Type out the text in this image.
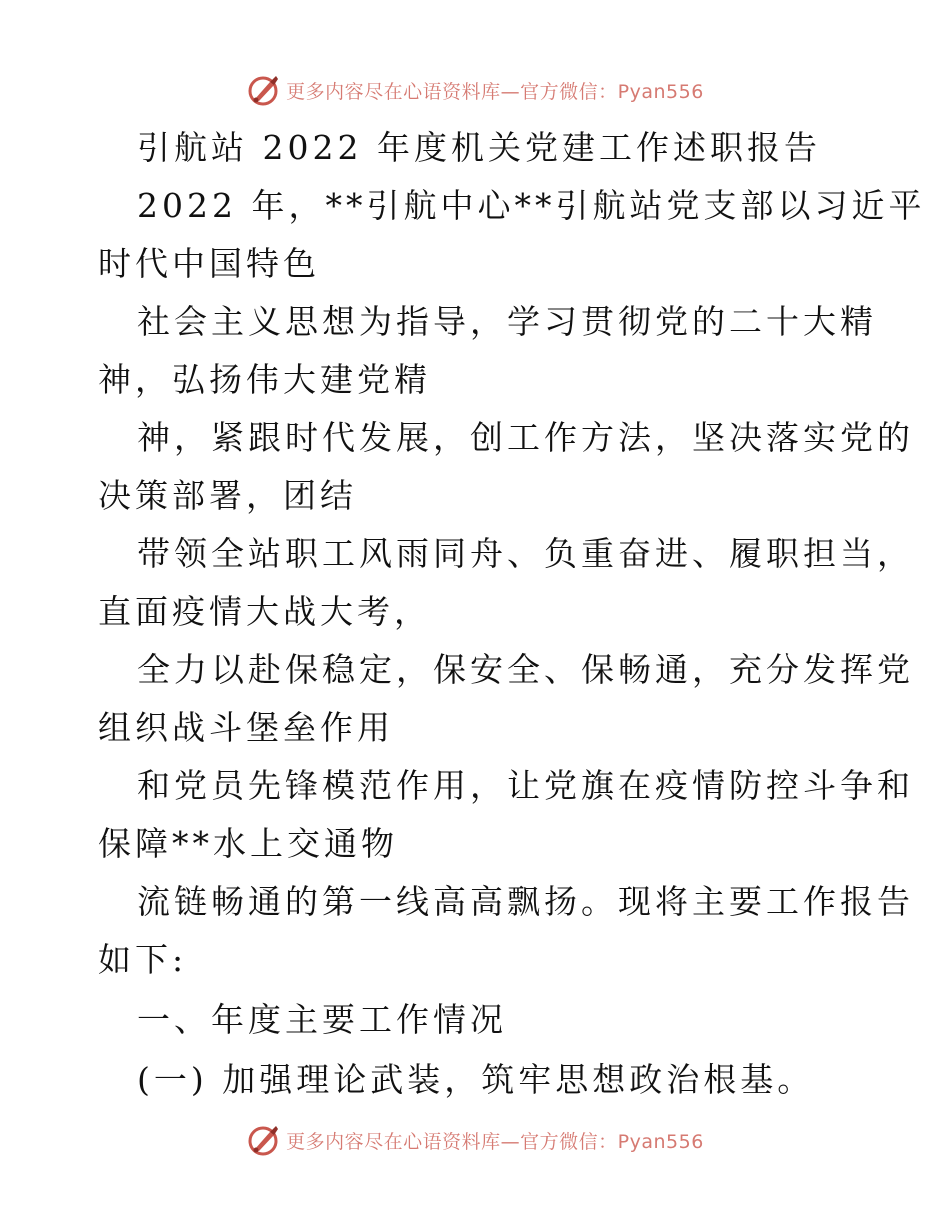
更多内容尽在心语资料库—官方微信：Pyan556
引航站 2022 年度机关党建工作述职报告
2022 年，**引航中心**引航站党支部以习近平
时代中国特色
社会主义思想为指导，学习贯彻党的二十大精
神，弘扬伟大建党精
神，紧跟时代发展，创工作方法，坚决落实党的
决策部署，团结
带领全站职工风雨同舟、负重奋进、履职担当，
直面疫情大战大考，
全力以赴保稳定，保安全、保畅通，充分发挥党
组织战斗堡垒作用
和党员先锋模范作用，让党旗在疫情防控斗争和
保障**水上交通物
流链畅通的第一线高高飘扬。现将主要工作报告
如下:
一、年度主要工作情况
(一) 加强理论武装，筑牢思想政治根基。
更多内容尽在心语资料库—官方微信：Pyan556
